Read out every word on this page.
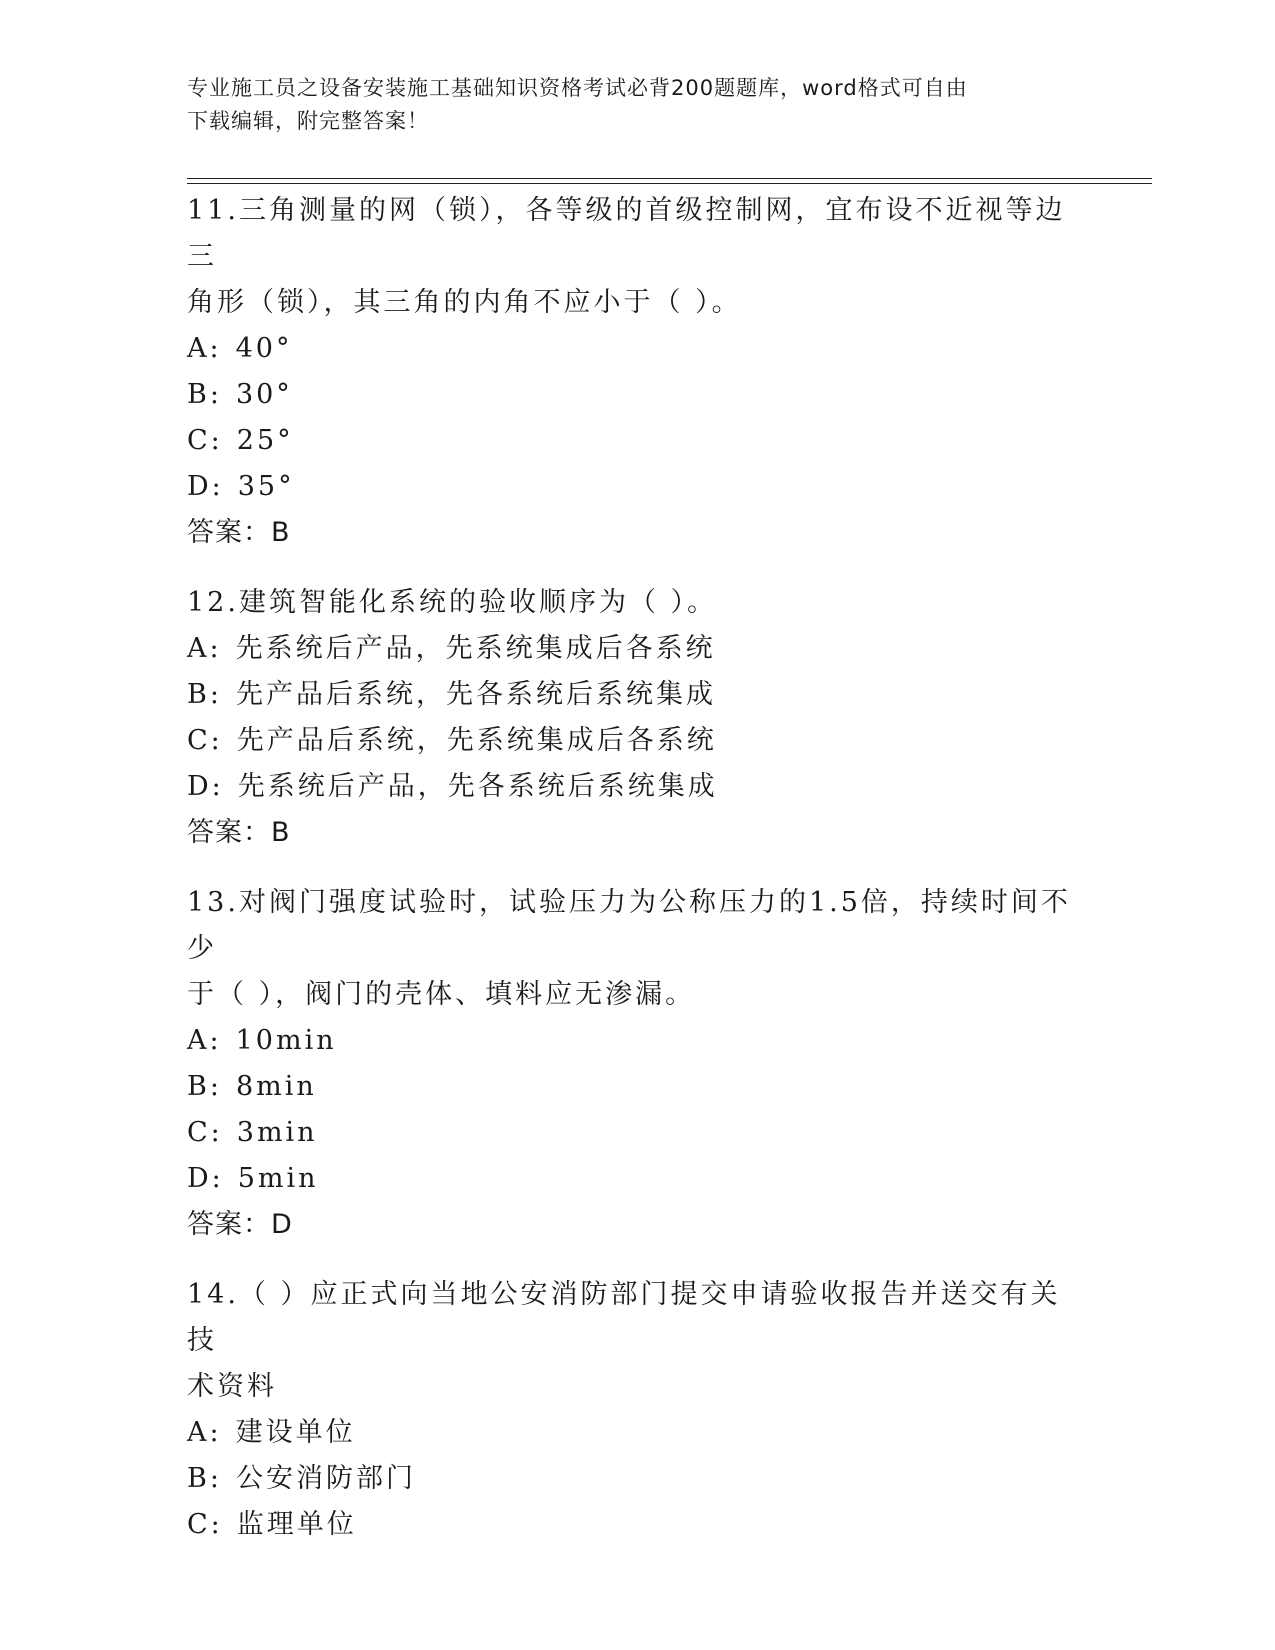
专业施工员之设备安装施工基础知识资格考试必背200题题库，word格式可自由
下载编辑，附完整答案！

11.三角测量的网（锁），各等级的首级控制网，宜布设不近视等边三

角形（锁），其三角的内角不应小于（ ）。

A: 40°

B: 30°

C: 25°

D: 35°

答案：B

12.建筑智能化系统的验收顺序为（ ）。

A: 先系统后产品，先系统集成后各系统

B: 先产品后系统，先各系统后系统集成

C: 先产品后系统，先系统集成后各系统

D: 先系统后产品，先各系统后系统集成

答案：B

13.对阀门强度试验时，试验压力为公称压力的1.5倍，持续时间不少

于（ ），阀门的壳体、填料应无渗漏。

A: 10min

B: 8min

C: 3min

D: 5min

答案：D

14.（ ）应正式向当地公安消防部门提交申请验收报告并送交有关技

术资料

A: 建设单位

B: 公安消防部门

C: 监理单位
